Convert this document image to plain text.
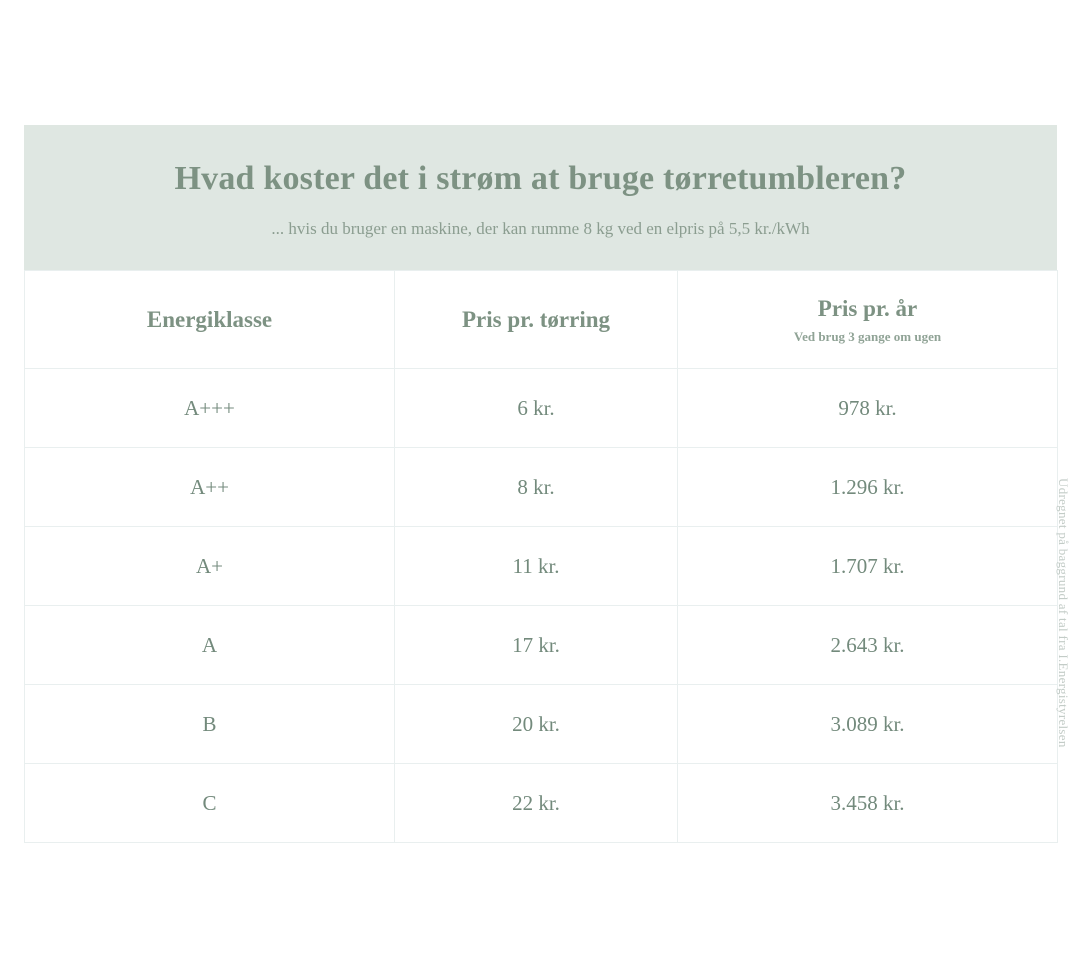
Hvad koster det i strøm at bruge tørretumbleren?

... hvis du bruger en maskine, der kan rumme 8 kg ved en elpris på 5,5 kr./kWh

Energiklasse	Pris pr. tørring	Pris pr. år
Ved brug 3 gange om ugen

A+++	6 kr.	978 kr.
A++	8 kr.	1.296 kr.
A+	11 kr.	1.707 kr.
A	17 kr.	2.643 kr.
B	20 kr.	3.089 kr.
C	22 kr.	3.458 kr.
Udregnet på baggrund af tal fra I.Energistyrelsen
